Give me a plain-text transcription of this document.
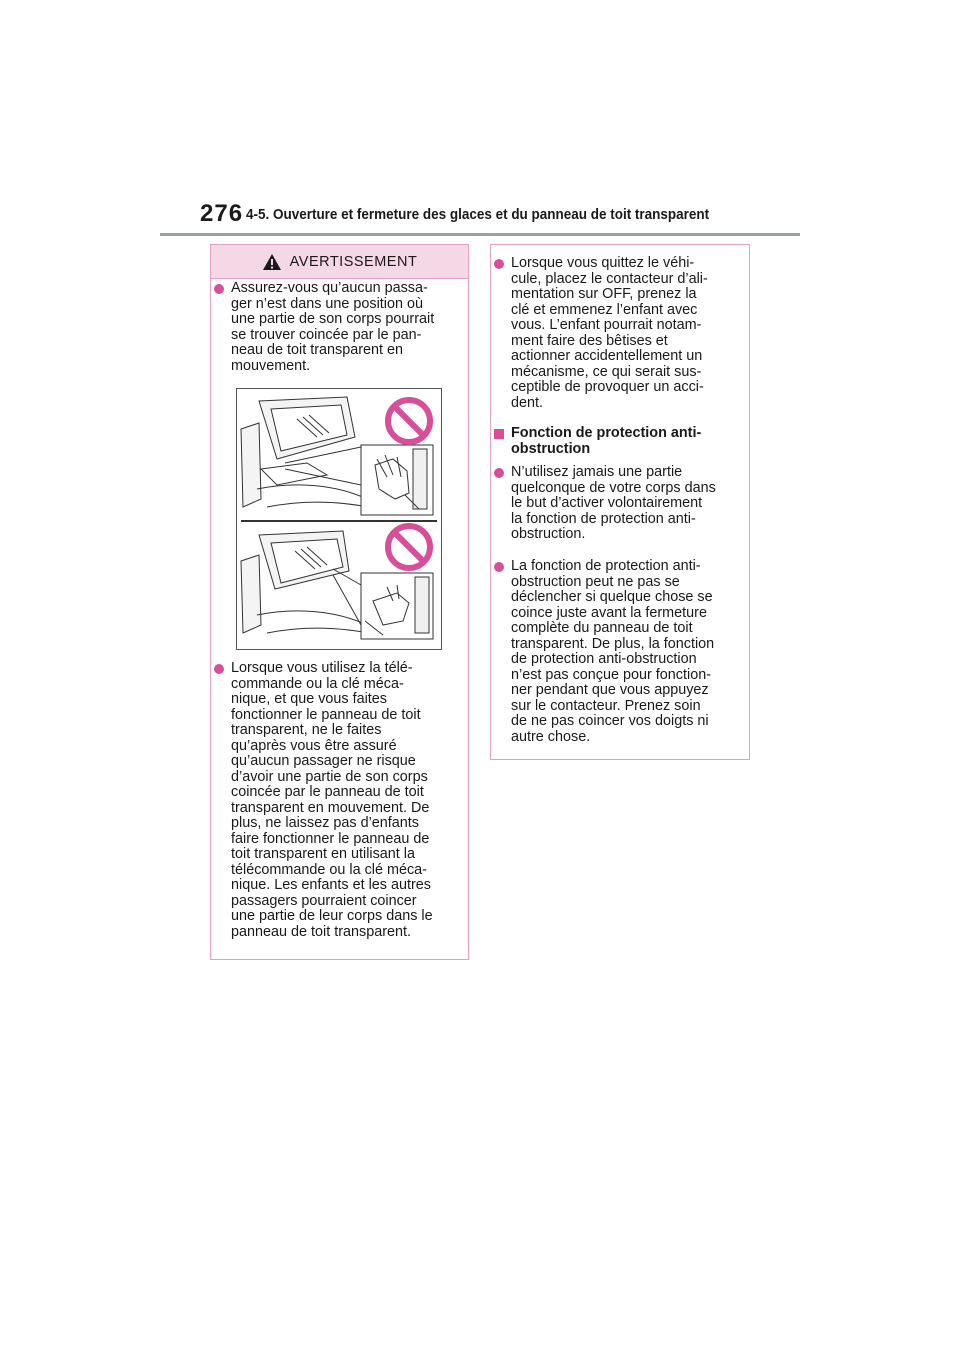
276 4-5. Ouverture et fermeture des glaces et du panneau de toit transparent
AVERTISSEMENT
Assurez-vous qu’aucun passa-
ger n’est dans une position où
une partie de son corps pourrait
se trouver coincée par le pan-
neau de toit transparent en
mouvement.
Lorsque vous utilisez la télé-
commande ou la clé méca-
nique, et que vous faites
fonctionner le panneau de toit
transparent, ne le faites
qu’après vous être assuré
qu’aucun passager ne risque
d’avoir une partie de son corps
coincée par le panneau de toit
transparent en mouvement. De
plus, ne laissez pas d’enfants
faire fonctionner le panneau de
toit transparent en utilisant la
télécommande ou la clé méca-
nique. Les enfants et les autres
passagers pourraient coincer
une partie de leur corps dans le
panneau de toit transparent.
Lorsque vous quittez le véhi-
cule, placez le contacteur d’ali-
mentation sur OFF, prenez la
clé et emmenez l’enfant avec
vous. L’enfant pourrait notam-
ment faire des bêtises et
actionner accidentellement un
mécanisme, ce qui serait sus-
ceptible de provoquer un acci-
dent.
Fonction de protection anti-
obstruction
N’utilisez jamais une partie
quelconque de votre corps dans
le but d’activer volontairement
la fonction de protection anti-
obstruction.
La fonction de protection anti-
obstruction peut ne pas se
déclencher si quelque chose se
coince juste avant la fermeture
complète du panneau de toit
transparent. De plus, la fonction
de protection anti-obstruction
n’est pas conçue pour fonction-
ner pendant que vous appuyez
sur le contacteur. Prenez soin
de ne pas coincer vos doigts ni
autre chose.
